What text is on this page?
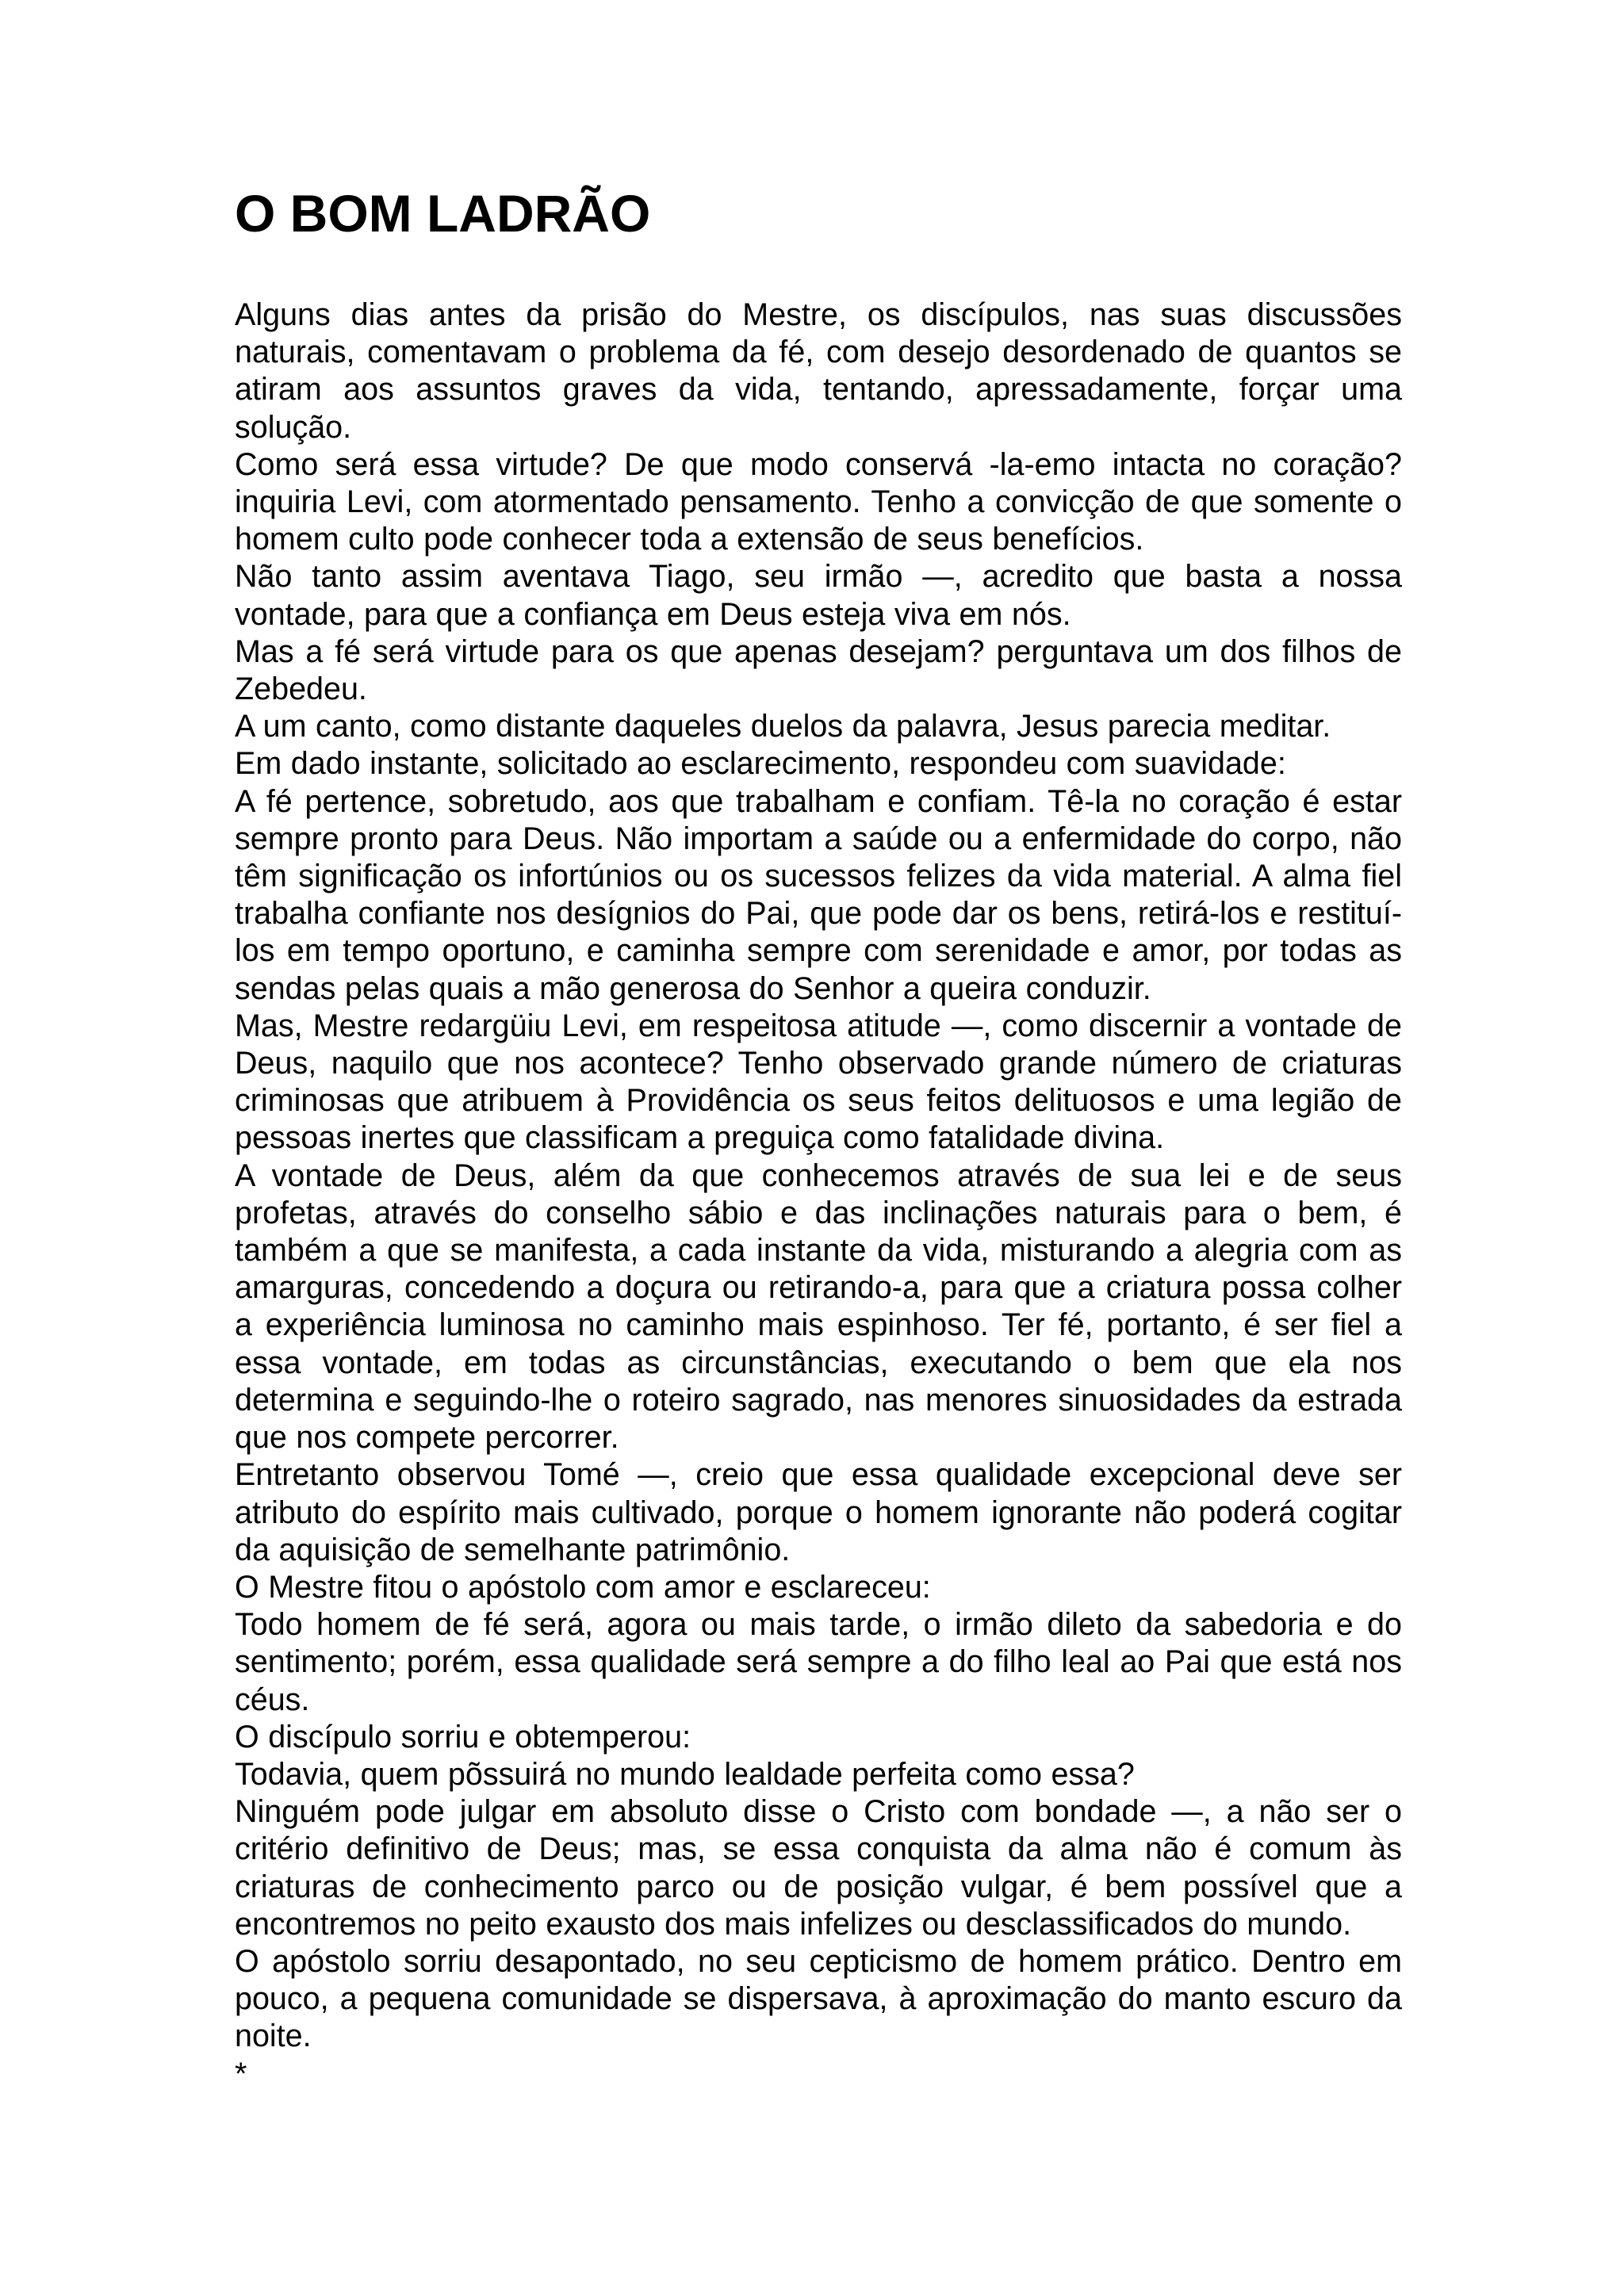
O BOM LADRÃO

Alguns dias antes da prisão do Mestre, os discípulos, nas suas discussões naturais, comentavam o problema da fé, com desejo desordenado de quantos se atiram aos assuntos graves da vida, tentando, apressadamente, forçar uma solução.

Como será essa virtude? De que modo conservá -la-emo intacta no coração? inquiria Levi, com atormentado pensamento. Tenho a convicção de que somente o homem culto pode conhecer toda a extensão de seus benefícios.

Não tanto assim aventava Tiago, seu irmão —, acredito que basta a nossa vontade, para que a confiança em Deus esteja viva em nós.

Mas a fé será virtude para os que apenas desejam? perguntava um dos filhos de Zebedeu.

A um canto, como distante daqueles duelos da palavra, Jesus parecia meditar.

Em dado instante, solicitado ao esclarecimento, respondeu com suavidade:

A fé pertence, sobretudo, aos que trabalham e confiam. Tê-la no coração é estar sempre pronto para Deus. Não importam a saúde ou a enfermidade do corpo, não têm significação os infortúnios ou os sucessos felizes da vida material. A alma fiel trabalha confiante nos desígnios do Pai, que pode dar os bens, retirá-los e restituílos em tempo oportuno, e caminha sempre com serenidade e amor, por todas as sendas pelas quais a mão generosa do Senhor a queira conduzir.

Mas, Mestre redargüiu Levi, em respeitosa atitude —, como discernir a vontade de Deus, naquilo que nos acontece? Tenho observado grande número de criaturas criminosas que atribuem à Providência os seus feitos delituosos e uma legião de pessoas inertes que classificam a preguiça como fatalidade divina.

A vontade de Deus, além da que conhecemos através de sua lei e de seus profetas, através do conselho sábio e das inclinações naturais para o bem, é também a que se manifesta, a cada instante da vida, misturando a alegria com as amarguras, concedendo a doçura ou retirando-a, para que a criatura possa colher a experiência luminosa no caminho mais espinhoso. Ter fé, portanto, é ser fiel a essa vontade, em todas as circunstâncias, executando o bem que ela nos determina e seguindo-lhe o roteiro sagrado, nas menores sinuosidades da estrada que nos compete percorrer.

Entretanto observou Tomé —, creio que essa qualidade excepcional deve ser atributo do espírito mais cultivado, porque o homem ignorante não poderá cogitar da aquisição de semelhante patrimônio.

O Mestre fitou o apóstolo com amor e esclareceu:

Todo homem de fé será, agora ou mais tarde, o irmão dileto da sabedoria e do sentimento; porém, essa qualidade será sempre a do filho leal ao Pai que está nos céus.

O discípulo sorriu e obtemperou:

Todavia, quem põssuirá no mundo lealdade perfeita como essa?

Ninguém pode julgar em absoluto disse o Cristo com bondade —, a não ser o critério definitivo de Deus; mas, se essa conquista da alma não é comum às criaturas de conhecimento parco ou de posição vulgar, é bem possível que a encontremos no peito exausto dos mais infelizes ou desclassificados do mundo.

O apóstolo sorriu desapontado, no seu cepticismo de homem prático. Dentro em pouco, a pequena comunidade se dispersava, à aproximação do manto escuro da noite.

*
